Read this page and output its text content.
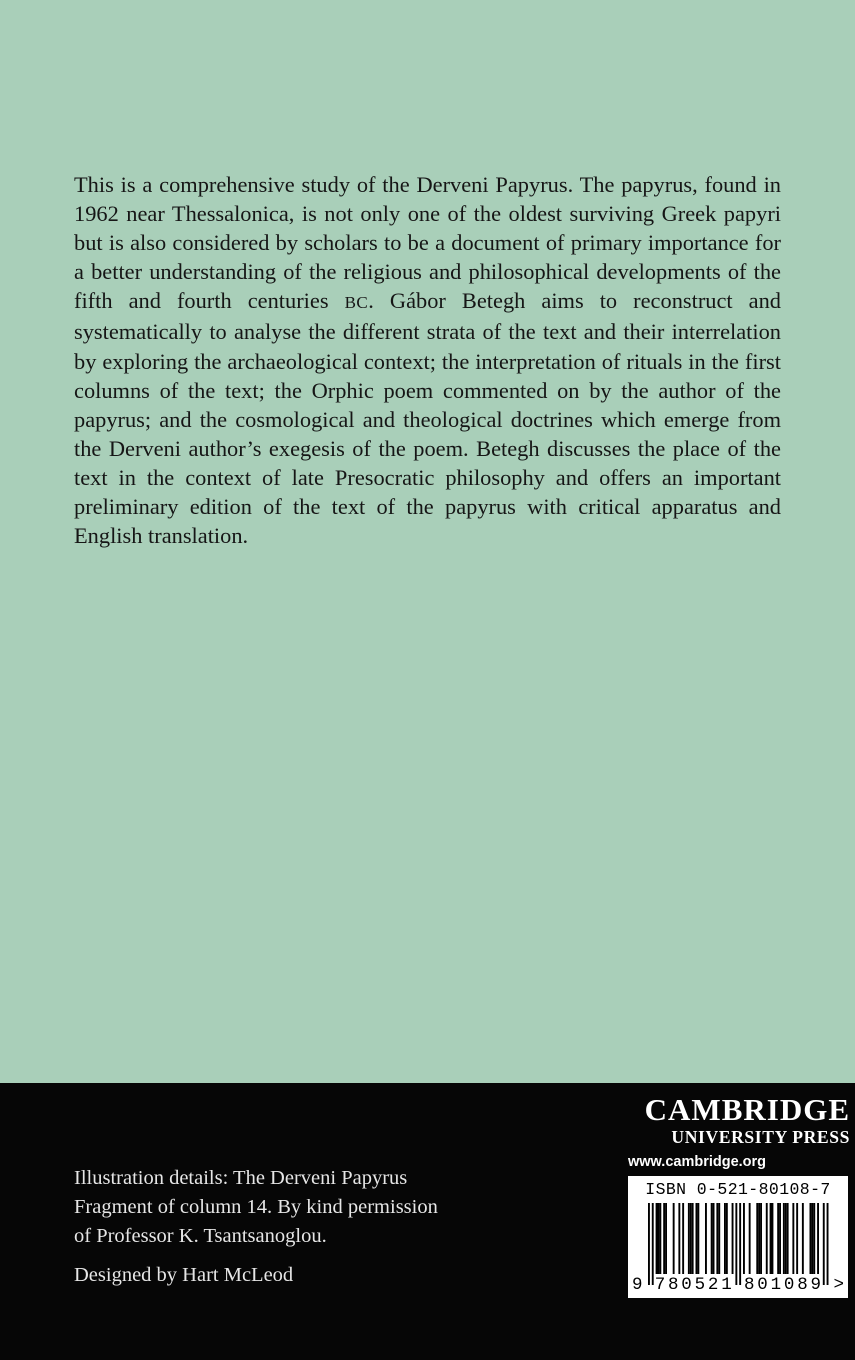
This is a comprehensive study of the Derveni Papyrus. The papyrus, found in 1962 near Thessalonica, is not only one of the oldest surviving Greek papyri but is also considered by scholars to be a document of primary importance for a better understanding of the religious and philosophical developments of the fifth and fourth centuries BC. Gábor Betegh aims to reconstruct and systematically to analyse the different strata of the text and their interrelation by exploring the archaeological context; the interpretation of rituals in the first columns of the text; the Orphic poem commented on by the author of the papyrus; and the cosmological and theological doctrines which emerge from the Derveni author’s exegesis of the poem. Betegh discusses the place of the text in the context of late Presocratic philosophy and offers an important preliminary edition of the text of the papyrus with critical apparatus and English translation.

Illustration details: The Derveni Papyrus

Fragment of column 14. By kind permission

of Professor K. Tsantsanoglou.

Designed by Hart McLeod

CAMBRIDGE
UNIVERSITY PRESS
www.cambridge.org
ISBN 0-521-80108-7
9 7 8 0 5 2 1 8 0 1 0 8 9 >
